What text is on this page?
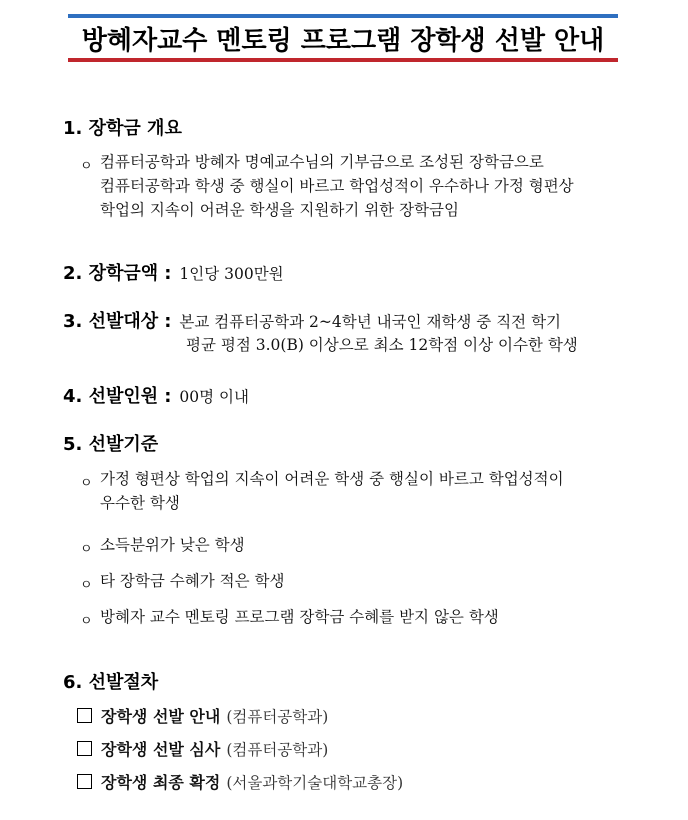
방혜자교수 멘토링 프로그램 장학생 선발 안내
1. 장학금 개요
ㅇ 컴퓨터공학과 방혜자 명예교수님의 기부금으로 조성된 장학금으로
컴퓨터공학과 학생 중 행실이 바르고 학업성적이 우수하나 가정 형편상
학업의 지속이 어려운 학생을 지원하기 위한 장학금임
2. 장학금액 : 1인당 300만원
3. 선발대상 : 본교 컴퓨터공학과 2~4학년 내국인 재학생 중 직전 학기
평균 평점 3.0(B) 이상으로 최소 12학점 이상 이수한 학생
4. 선발인원 : 00명 이내
5. 선발기준
ㅇ 가정 형편상 학업의 지속이 어려운 학생 중 행실이 바르고 학업성적이
우수한 학생
ㅇ 소득분위가 낮은 학생
ㅇ 타 장학금 수혜가 적은 학생
ㅇ 방혜자 교수 멘토링 프로그램 장학금 수혜를 받지 않은 학생
6. 선발절차
장학생 선발 안내 (컴퓨터공학과)
장학생 선발 심사 (컴퓨터공학과)
장학생 최종 확정 (서울과학기술대학교총장)
